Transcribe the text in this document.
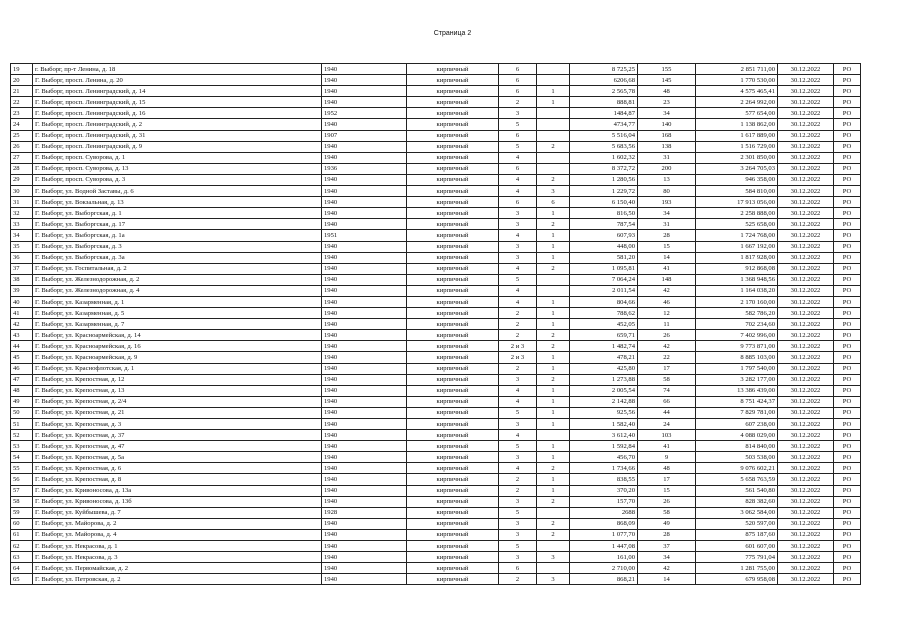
Страница 2
19	г. Выборг, пр-т Ленина, д. 18	1940	кирпичный	6		8 725,25	155	2 851 711,00	30.12.2022	РО
20	Г. Выборг, просп. Ленина, д. 20	1940	кирпичный	6		6206,68	145	1 770 530,00	30.12.2022	РО
21	Г. Выборг, просп. Ленинградский, д. 14	1940	кирпичный	6	1	2 565,78	48	4 575 465,41	30.12.2022	РО
22	Г. Выборг, просп. Ленинградский, д. 15	1940	кирпичный	2	1	888,81	23	2 264 992,00	30.12.2022	РО
23	Г. Выборг, просп. Ленинградский, д. 16	1952	кирпичный	3		1484,87	34	577 654,00	30.12.2022	РО
24	Г. Выборг, просп. Ленинградский, д. 2	1940	кирпичный	5		4734,77	140	1 138 862,00	30.12.2022	РО
25	Г. Выборг, просп. Ленинградский, д. 31	1907	кирпичный	6		5 516,04	168	1 617 889,00	30.12.2022	РО
26	Г. Выборг, просп. Ленинградский, д. 9	1940	кирпичный	5	2	5 683,56	138	1 516 729,00	30.12.2022	РО
27	Г. Выборг, просп. Суворова, д. 1	1940	кирпичный	4		1 602,32	31	2 301 850,00	30.12.2022	РО
28	Г. Выборг, просп. Суворова, д. 13	1936	кирпичный	6		8 372,72	200	3 264 705,03	30.12.2022	РО
29	Г. Выборг, просп. Суворова, д. 3	1940	кирпичный	4	2	1 280,56	13	946 358,00	30.12.2022	РО
30	Г. Выборг, ул. Водной Заставы, д. 6	1940	кирпичный	4	3	1 229,72	80	584 810,00	30.12.2022	РО
31	Г. Выборг, ул. Вокзальная, д. 13	1940	кирпичный	6	6	6 150,40	193	17 913 056,00	30.12.2022	РО
32	Г. Выборг, ул. Выборгская, д. 1	1940	кирпичный	3	1	816,50	34	2 258 888,00	30.12.2022	РО
33	Г. Выборг, ул. Выборгская, д. 17	1940	кирпичный	3	2	787,54	31	525 658,00	30.12.2022	РО
34	Г. Выборг, ул. Выборгская, д. 1а	1951	кирпичный	4	1	607,93	28	1 724 768,00	30.12.2022	РО
35	Г. Выборг, ул. Выборгская, д. 3	1940	кирпичный	3	1	448,00	15	1 667 192,00	30.12.2022	РО
36	Г. Выборг, ул. Выборгская, д. 3а	1940	кирпичный	3	1	581,20	14	1 817 928,00	30.12.2022	РО
37	Г. Выборг, ул. Госпитальная, д. 2	1940	кирпичный	4	2	1 095,81	41	912 868,08	30.12.2022	РО
38	Г. Выборг, ул. Железнодорожная, д. 2	1940	кирпичный	5		7 064,24	148	1 368 948,56	30.12.2022	РО
39	Г. Выборг, ул. Железнодорожная, д. 4	1940	кирпичный	4		2 011,54	42	1 164 038,20	30.12.2022	РО
40	Г. Выборг, ул. Казарменная, д. 1	1940	кирпичный	4	1	804,66	46	2 170 160,00	30.12.2022	РО
41	Г. Выборг, ул. Казарменная, д. 5	1940	кирпичный	2	1	788,62	12	582 786,20	30.12.2022	РО
42	Г. Выборг, ул. Казарменная, д. 7	1940	кирпичный	2	1	452,05	11	702 234,60	30.12.2022	РО
43	Г. Выборг, ул. Красноармейская, д. 14	1940	кирпичный	2	2	659,71	26	7 402 996,00	30.12.2022	РО
44	Г. Выборг, ул. Красноармейская, д. 16	1940	кирпичный	2 и 3	2	1 482,74	42	9 773 871,00	30.12.2022	РО
45	Г. Выборг, ул. Красноармейская, д. 9	1940	кирпичный	2 и 3	1	478,21	22	8 885 103,00	30.12.2022	РО
46	Г. Выборг, ул. Краснофлотская, д. 1	1940	кирпичный	2	1	425,80	17	1 797 540,00	30.12.2022	РО
47	Г. Выборг, ул. Крепостная, д. 12	1940	кирпичный	3	2	1 273,88	58	3 282 177,00	30.12.2022	РО
48	Г. Выборг, ул. Крепостная, д. 13	1940	кирпичный	4	1	2 005,54	74	13 386 439,00	30.12.2022	РО
49	Г. Выборг, ул. Крепостная, д. 2/4	1940	кирпичный	4	1	2 142,88	66	8 751 424,37	30.12.2022	РО
50	Г. Выборг, ул. Крепостная, д. 21	1940	кирпичный	5	1	925,56	44	7 829 781,00	30.12.2022	РО
51	Г. Выборг, ул. Крепостная, д. 3	1940	кирпичный	3	1	1 582,40	24	607 238,00	30.12.2022	РО
52	Г. Выборг, ул. Крепостная, д. 37	1940	кирпичный	4		3 612,40	103	4 088 029,00	30.12.2022	РО
53	Г. Выборг, ул. Крепостная, д. 47	1940	кирпичный	5	1	1 592,84	41	814 840,00	30.12.2022	РО
54	Г. Выборг, ул. Крепостная, д. 5а	1940	кирпичный	3	1	456,70	9	503 538,00	30.12.2022	РО
55	Г. Выборг, ул. Крепостная, д. 6	1940	кирпичный	4	2	1 734,66	48	9 076 602,21	30.12.2022	РО
56	Г. Выборг, ул. Крепостная, д. 8	1940	кирпичный	2	1	838,55	17	5 658 763,59	30.12.2022	РО
57	Г. Выборг, ул. Кривоносова, д. 13а	1940	кирпичный	2	1	370,20	15	561 540,80	30.12.2022	РО
58	Г. Выборг, ул. Кривоносова, д. 13б	1940	кирпичный	3	2	157,70	26	828 382,60	30.12.2022	РО
59	Г. Выборг, ул. Куйбышева, д. 7	1928	кирпичный	5		2688	58	3 062 584,00	30.12.2022	РО
60	Г. Выборг, ул. Майорова, д. 2	1940	кирпичный	3	2	868,09	49	520 597,00	30.12.2022	РО
61	Г. Выборг, ул. Майорова, д. 4	1940	кирпичный	3	2	1 077,70	28	875 187,60	30.12.2022	РО
62	Г. Выборг, ул. Некрасова, д. 1	1940	кирпичный	5		1 447,08	37	601 607,00	30.12.2022	РО
63	Г. Выборг, ул. Некрасова, д. 3	1940	кирпичный	3	3	161,00	34	775 791,04	30.12.2022	РО
64	Г. Выборг, ул. Первомайская, д. 2	1940	кирпичный	6		2 710,00	42	1 281 755,00	30.12.2022	РО
65	Г. Выборг, ул. Петровская, д. 2	1940	кирпичный	2	3	868,21	14	679 958,08	30.12.2022	РО
